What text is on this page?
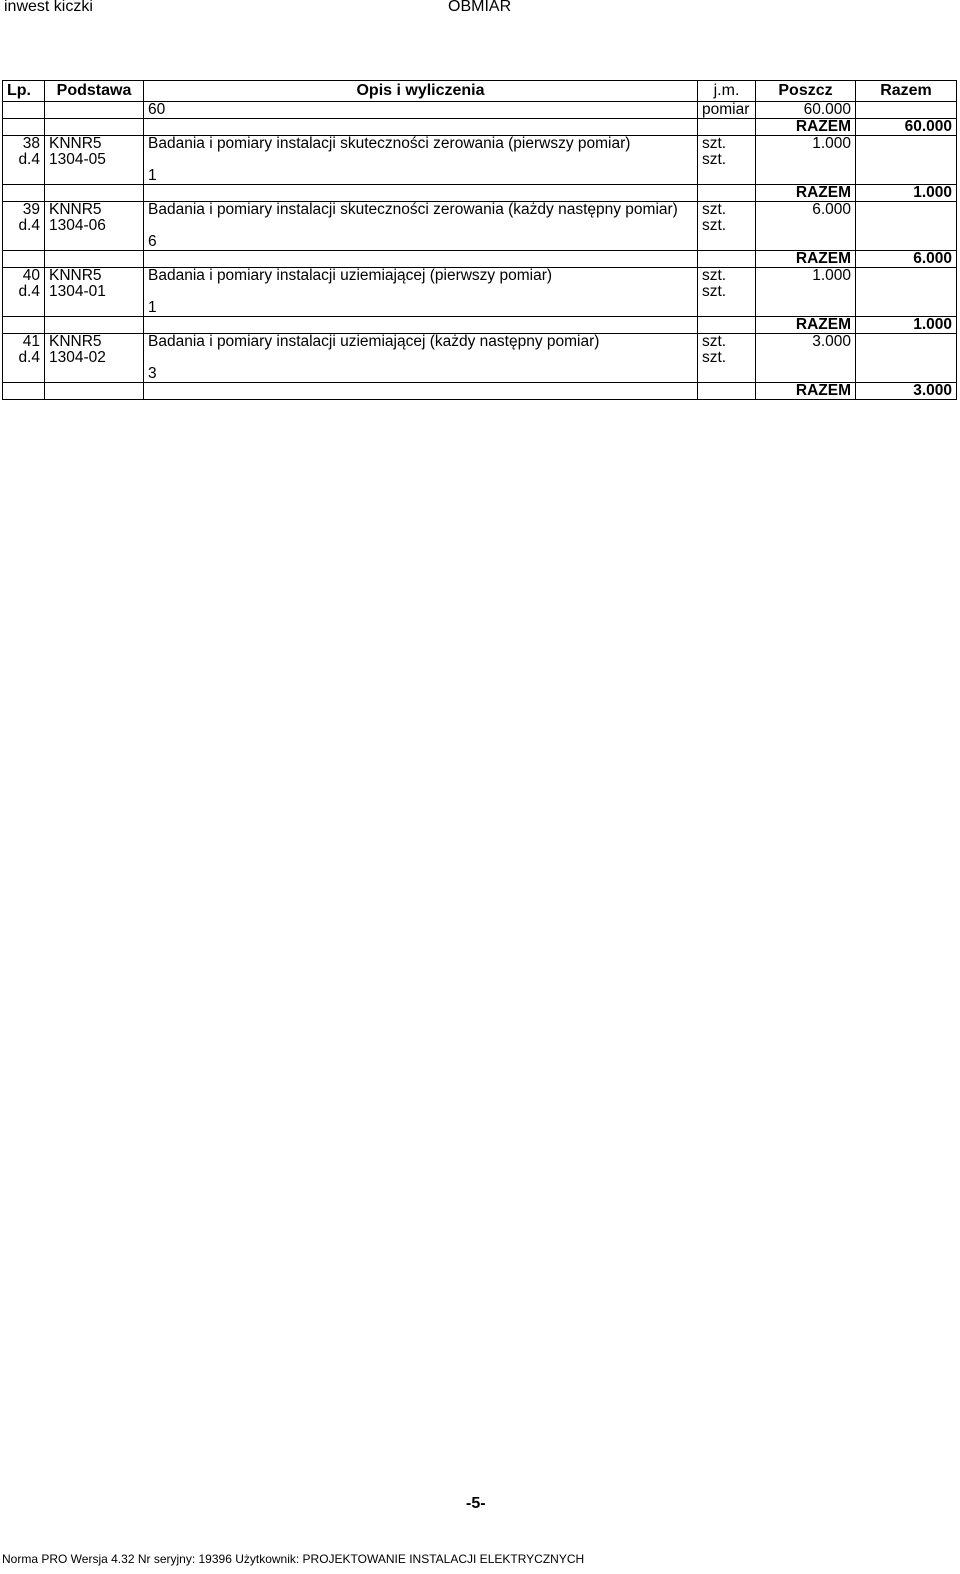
inwest kiczki	OBMIAR
Lp.	Podstawa	Opis i wyliczenia	j.m.	Poszcz	Razem
		60	pomiar	60.000	
				RAZEM	60.000
38	KNNR5	Badania i pomiary instalacji skuteczności zerowania (pierwszy pomiar)	szt.	1.000	
d.4	1304-05		szt.		
		1			
				RAZEM	1.000
39	KNNR5	Badania i pomiary instalacji skuteczności zerowania (każdy następny pomiar)	szt.	6.000	
d.4	1304-06		szt.		
		6			
				RAZEM	6.000
40	KNNR5	Badania i pomiary instalacji uziemiającej (pierwszy pomiar)	szt.	1.000	
d.4	1304-01		szt.		
		1			
				RAZEM	1.000
41	KNNR5	Badania i pomiary instalacji uziemiającej (każdy następny pomiar)	szt.	3.000	
d.4	1304-02		szt.		
		3			
				RAZEM	3.000
-5-
Norma PRO Wersja 4.32 Nr seryjny: 19396 Użytkownik: PROJEKTOWANIE INSTALACJI ELEKTRYCZNYCH
